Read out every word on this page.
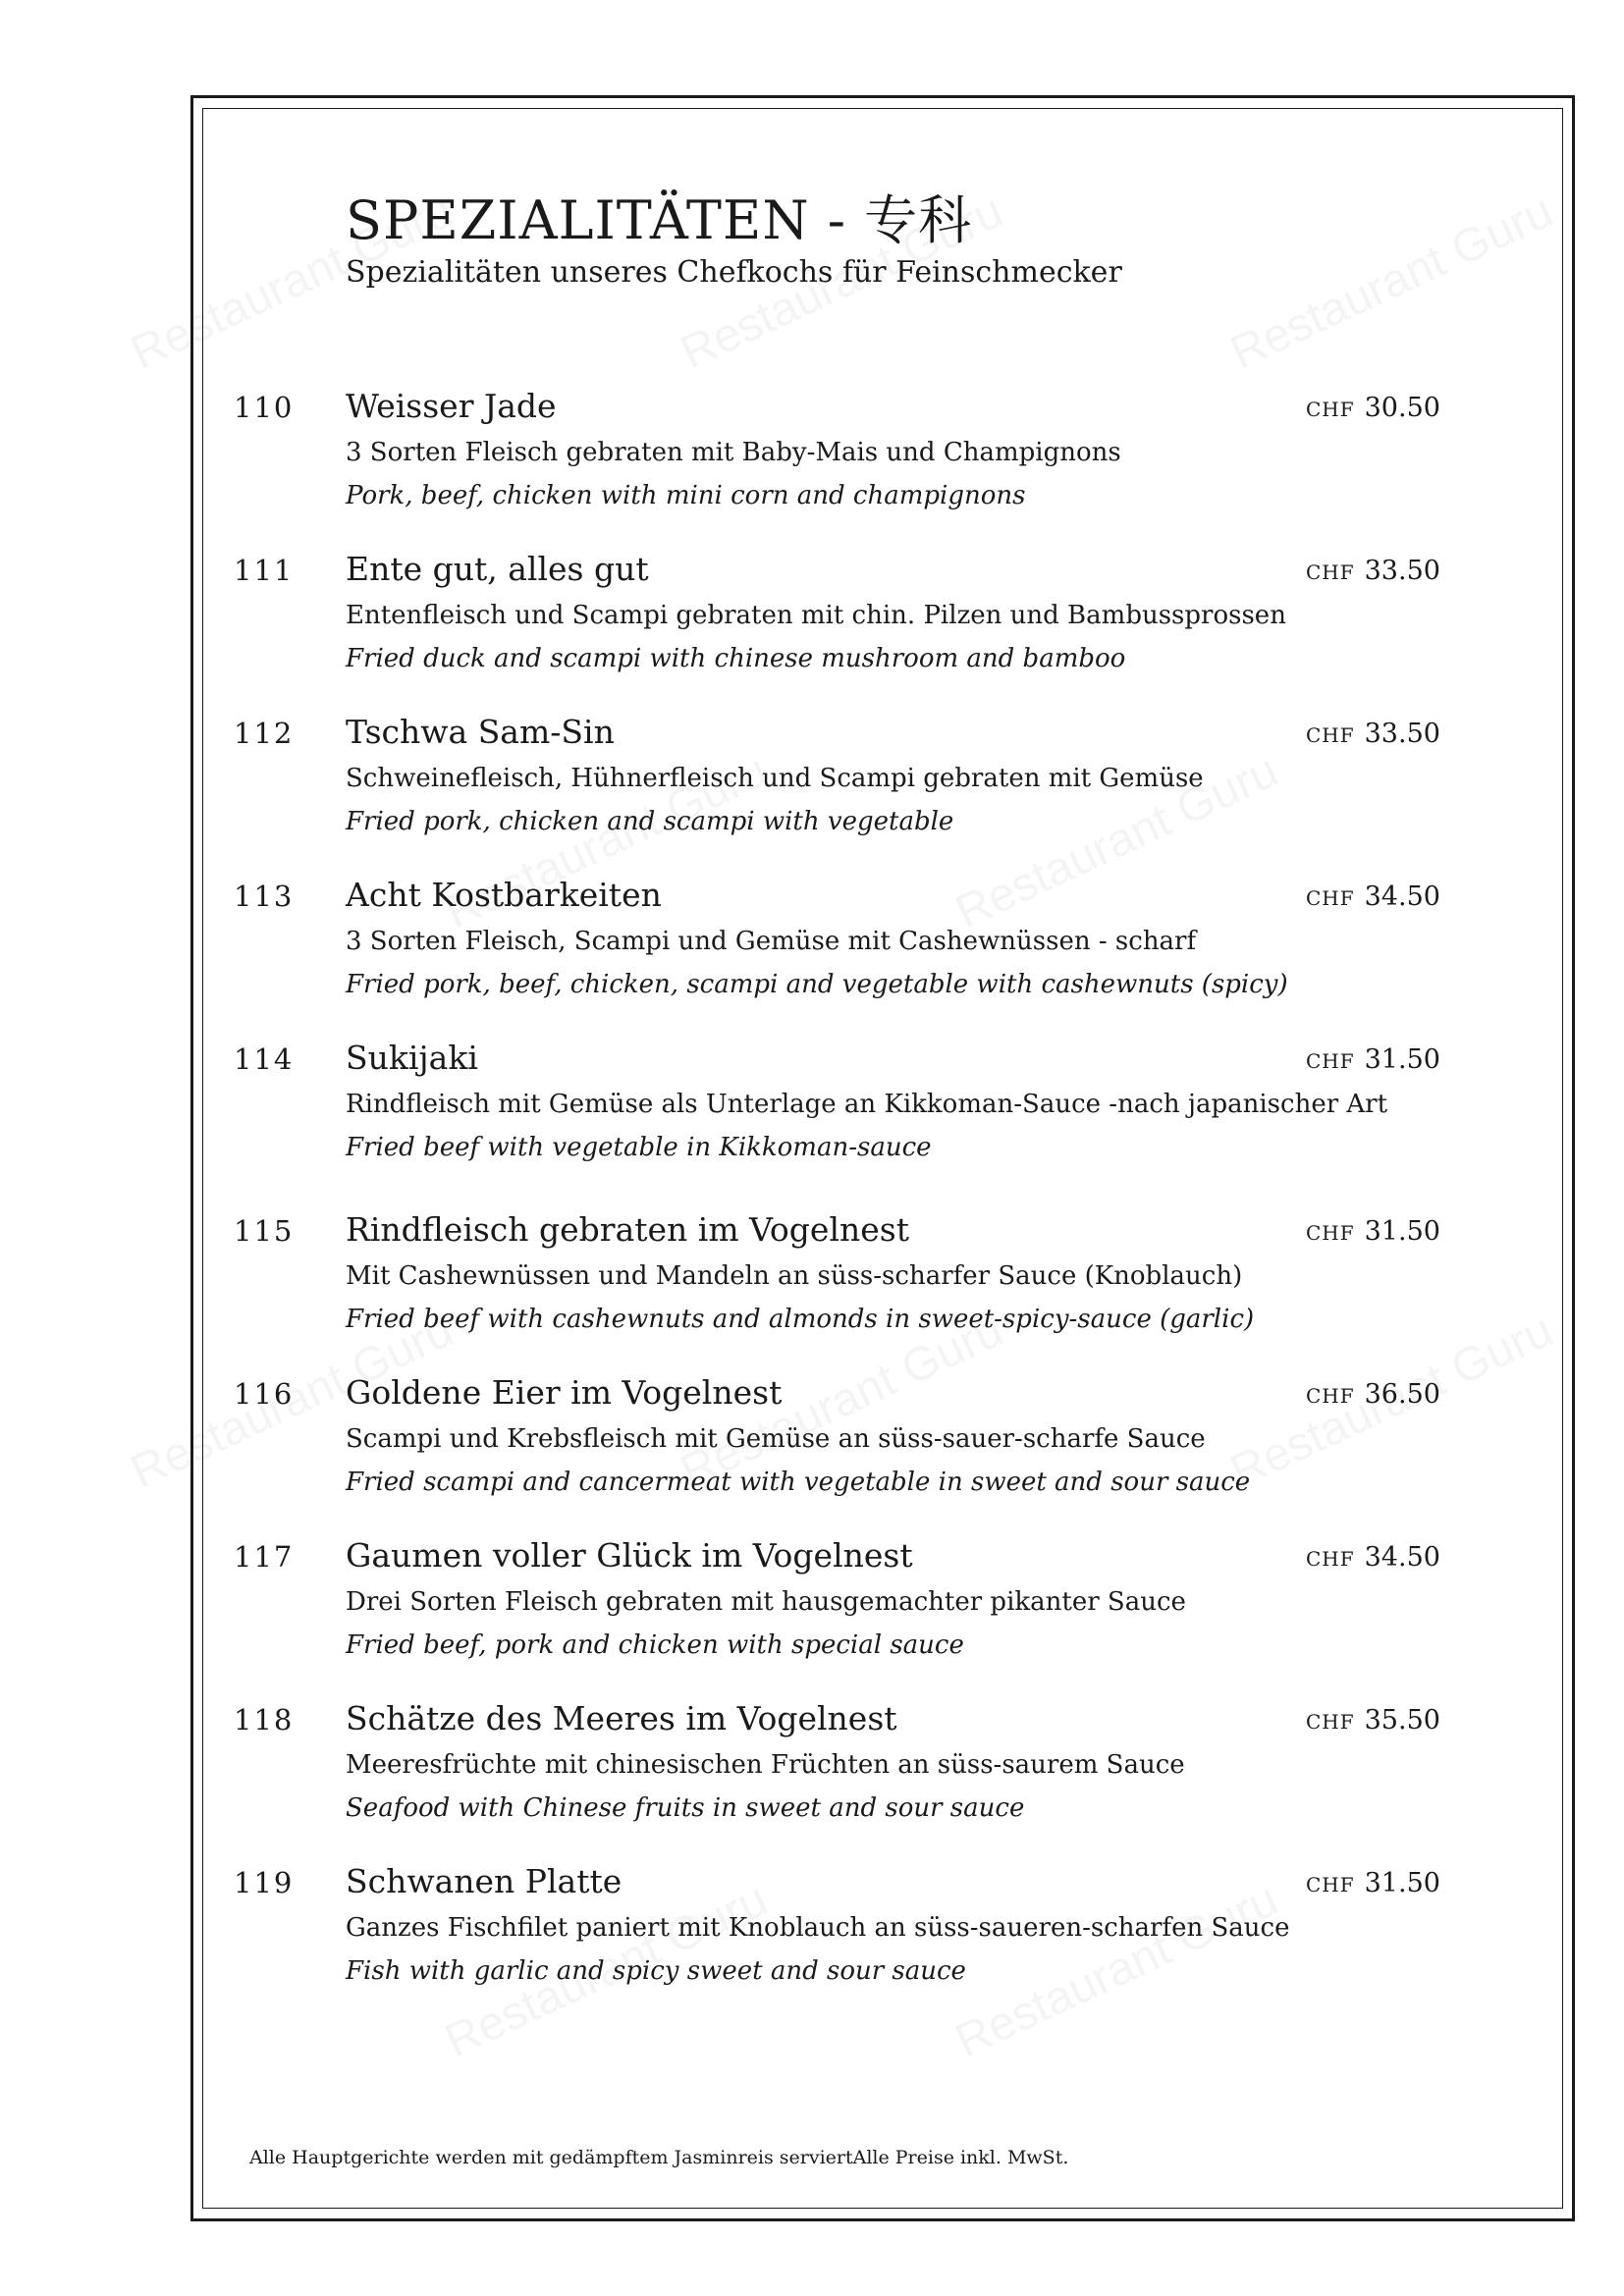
SPEZIALITÄTEN - 专科
Spezialitäten unseres Chefkochs für Feinschmecker
110 Weisser Jade	CHF 30.50
3 Sorten Fleisch gebraten mit Baby-Mais und Champignons
Pork, beef, chicken with mini corn and champignons
111 Ente gut, alles gut	CHF 33.50
Entenfleisch und Scampi gebraten mit chin. Pilzen und Bambussprossen
Fried duck and scampi with chinese mushroom and bamboo
112 Tschwa Sam-Sin	CHF 33.50
Schweinefleisch, Hühnerfleisch und Scampi gebraten mit Gemüse
Fried pork, chicken and scampi with vegetable
113 Acht Kostbarkeiten	CHF 34.50
3 Sorten Fleisch, Scampi und Gemüse mit Cashewnüssen - scharf
Fried pork, beef, chicken, scampi and vegetable with cashewnuts (spicy)
114 Sukijaki	CHF 31.50
Rindfleisch mit Gemüse als Unterlage an Kikkoman-Sauce -nach japanischer Art
Fried beef with vegetable in Kikkoman-sauce
115 Rindfleisch gebraten im Vogelnest	CHF 31.50
Mit Cashewnüssen und Mandeln an süss-scharfer Sauce (Knoblauch)
Fried beef with cashewnuts and almonds in sweet-spicy-sauce (garlic)
116 Goldene Eier im Vogelnest	CHF 36.50
Scampi und Krebsfleisch mit Gemüse an süss-sauer-scharfe Sauce
Fried scampi and cancermeat with vegetable in sweet and sour sauce
117 Gaumen voller Glück im Vogelnest	CHF 34.50
Drei Sorten Fleisch gebraten mit hausgemachter pikanter Sauce
Fried beef, pork and chicken with special sauce
118 Schätze des Meeres im Vogelnest	CHF 35.50
Meeresfrüchte mit chinesischen Früchten an süss-saurem Sauce
Seafood with Chinese fruits in sweet and sour sauce
119 Schwanen Platte	CHF 31.50
Ganzes Fischfilet paniert mit Knoblauch an süss-saueren-scharfen Sauce
Fish with garlic and spicy sweet and sour sauce
Alle Hauptgerichte werden mit gedämpftem Jasminreis serviertAlle Preise inkl. MwSt.
